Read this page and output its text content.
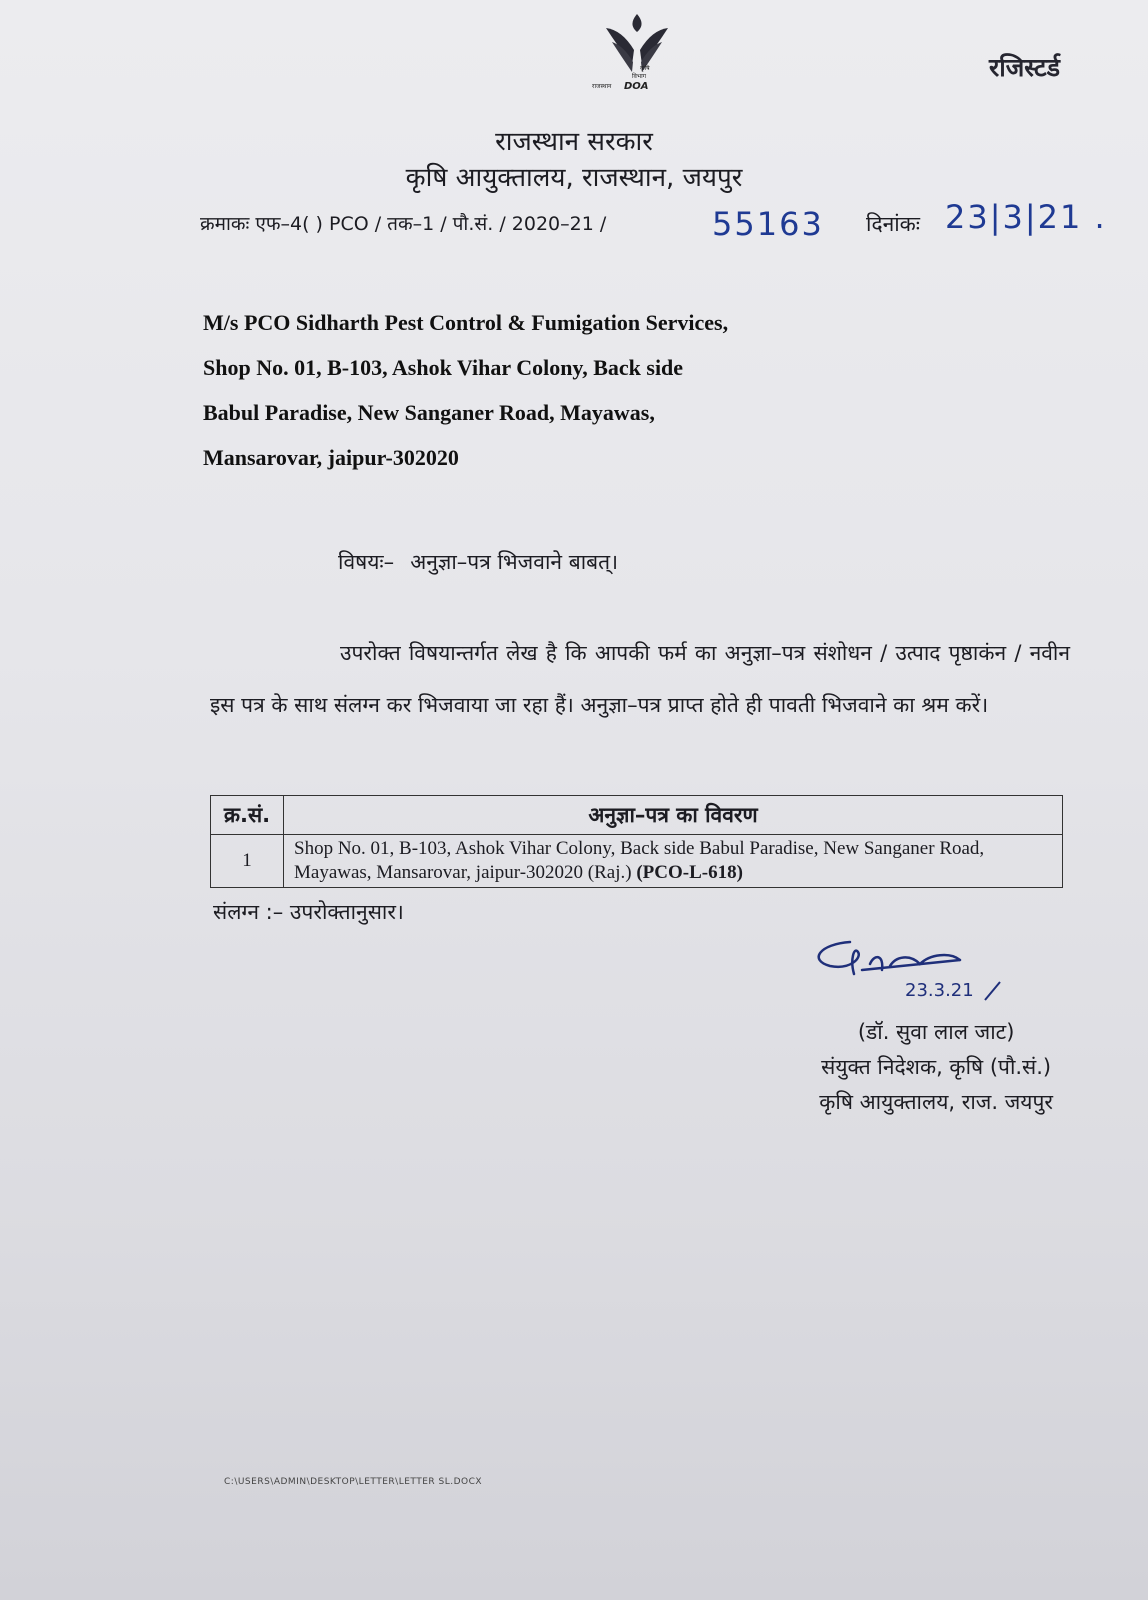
कृषि
विभाग
राजस्थान DOA
रजिस्टर्ड
राजस्थान सरकार
कृषि आयुक्तालय, राजस्थान, जयपुर
क्रमाकः एफ–4( ) PCO / तक–1 / पौ.सं. / 2020–21 /	55163 दिनांकः 23|3|21 .
M/s PCO Sidharth Pest Control & Fumigation Services,
Shop No. 01, B-103, Ashok Vihar Colony, Back side
Babul Paradise, New Sanganer Road, Mayawas,
Mansarovar, jaipur-302020
विषयः– अनुज्ञा–पत्र भिजवाने बाबत्।
उपरोक्त विषयान्तर्गत लेख है कि आपकी फर्म का अनुज्ञा–पत्र संशोधन / उत्पाद पृष्ठाकंन / नवीन इस पत्र के साथ संलग्न कर भिजवाया जा रहा हैं। अनुज्ञा–पत्र प्राप्त होते ही पावती भिजवाने का श्रम करें।
क्र.सं.	अनुज्ञा–पत्र का विवरण
1	Shop No. 01, B-103, Ashok Vihar Colony, Back side Babul Paradise, New Sanganer Road, Mayawas, Mansarovar, jaipur-302020 (Raj.) (PCO-L-618)
संलग्न :– उपरोक्तानुसार।
23.3.21
(डॉ. सुवा लाल जाट)
संयुक्त निदेशक, कृषि (पौ.सं.)
कृषि आयुक्तालय, राज. जयपुर
C:\USERS\ADMIN\DESKTOP\LETTER\LETTER SL.DOCX
